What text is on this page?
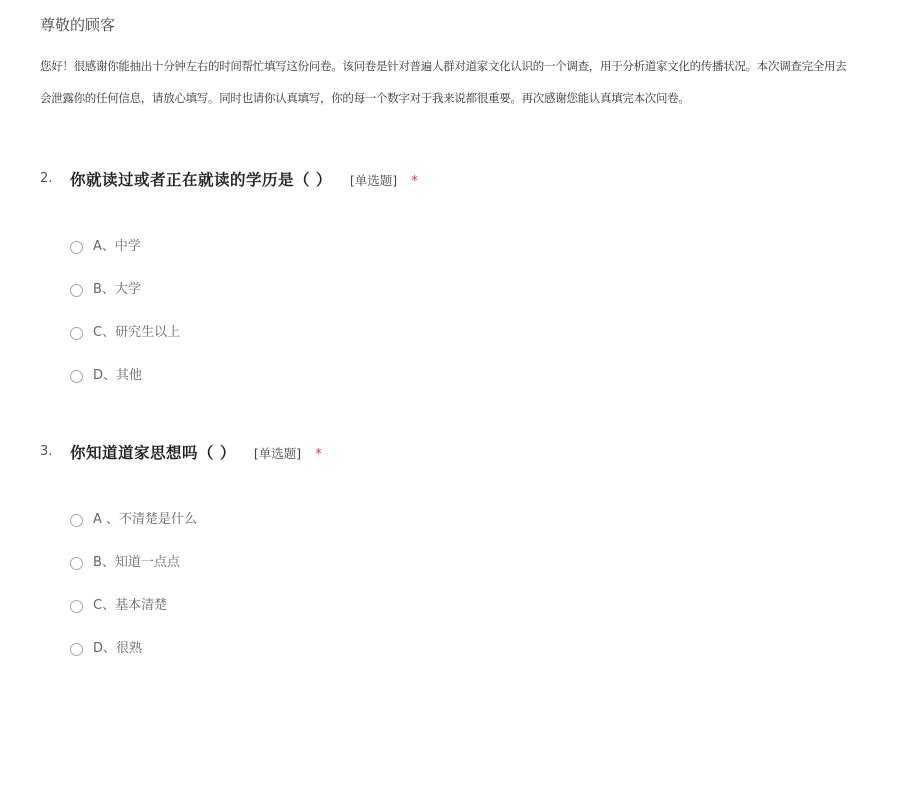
尊敬的顾客
您好！很感谢你能抽出十分钟左右的时间帮忙填写这份问卷。该问卷是针对普遍人群对道家文化认识的一个调查，用于分析道家文化的传播状况。本次调查完全用去
会泄露你的任何信息，请放心填写。同时也请你认真填写，你的每一个数字对于我来说都很重要。再次感谢您能认真填完本次问卷。
2. 你就读过或者正在就读的学历是（ ） [单选题] *
A、中学
B、大学
C、研究生以上
D、其他
3. 你知道道家思想吗（ ） [单选题] *
A 、不清楚是什么
B、知道一点点
C、基本清楚
D、很熟
